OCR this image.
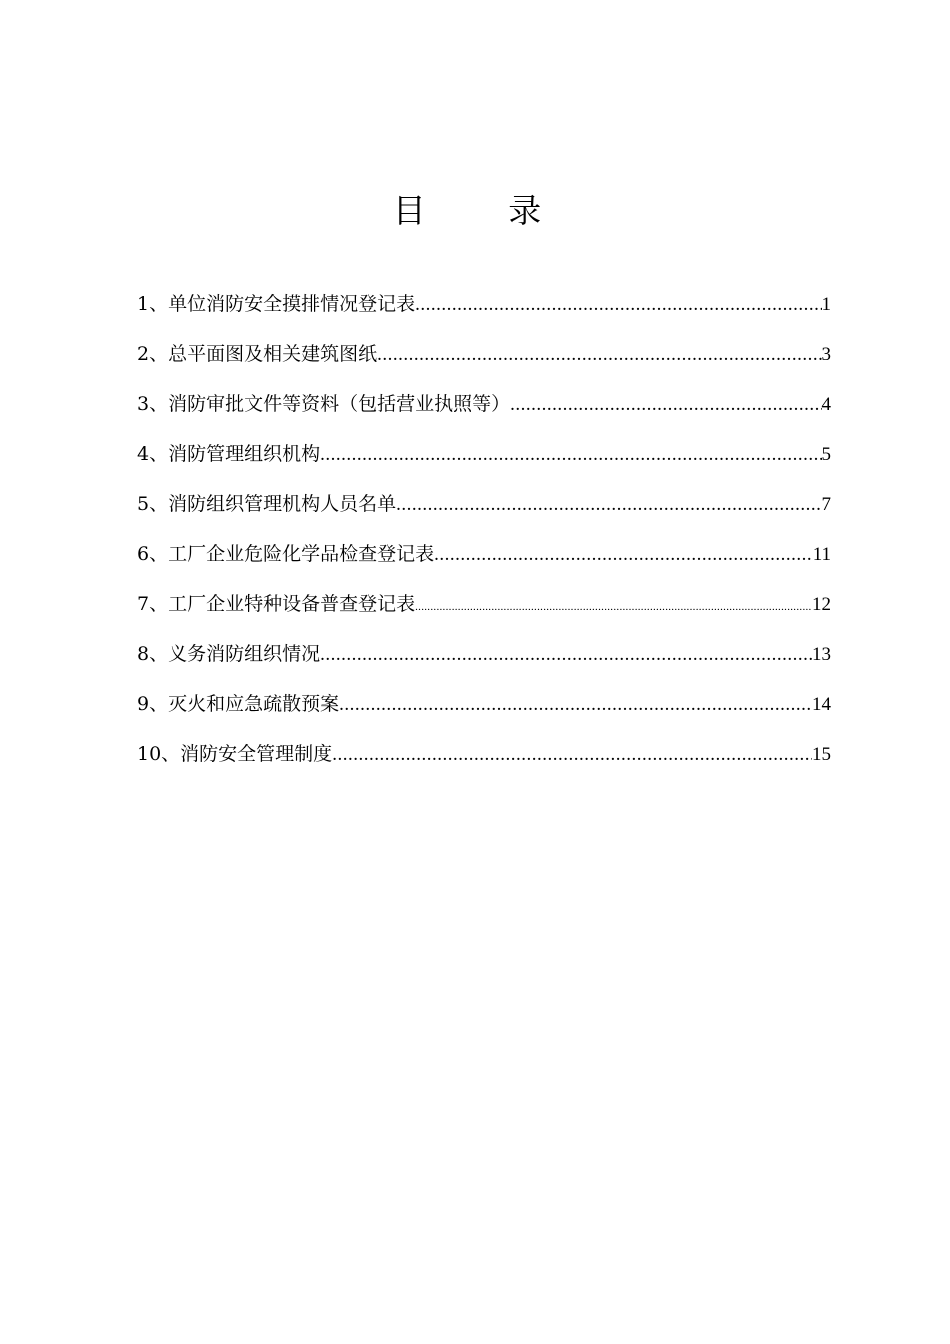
目 录
1、单位消防安全摸排情况登记表 .....	1
2、总平面图及相关建筑图纸 .....	3
3、消防审批文件等资料（包括营业执照等） .....	4
4、消防管理组织机构 .....	5
5、消防组织管理机构人员名单 .....	7
6、工厂企业危险化学品检查登记表 .....	11
7、工厂企业特种设备普查登记表 .....	12
8、义务消防组织情况 .....	13
9、灭火和应急疏散预案 .....	14
10、消防安全管理制度 .....	15
